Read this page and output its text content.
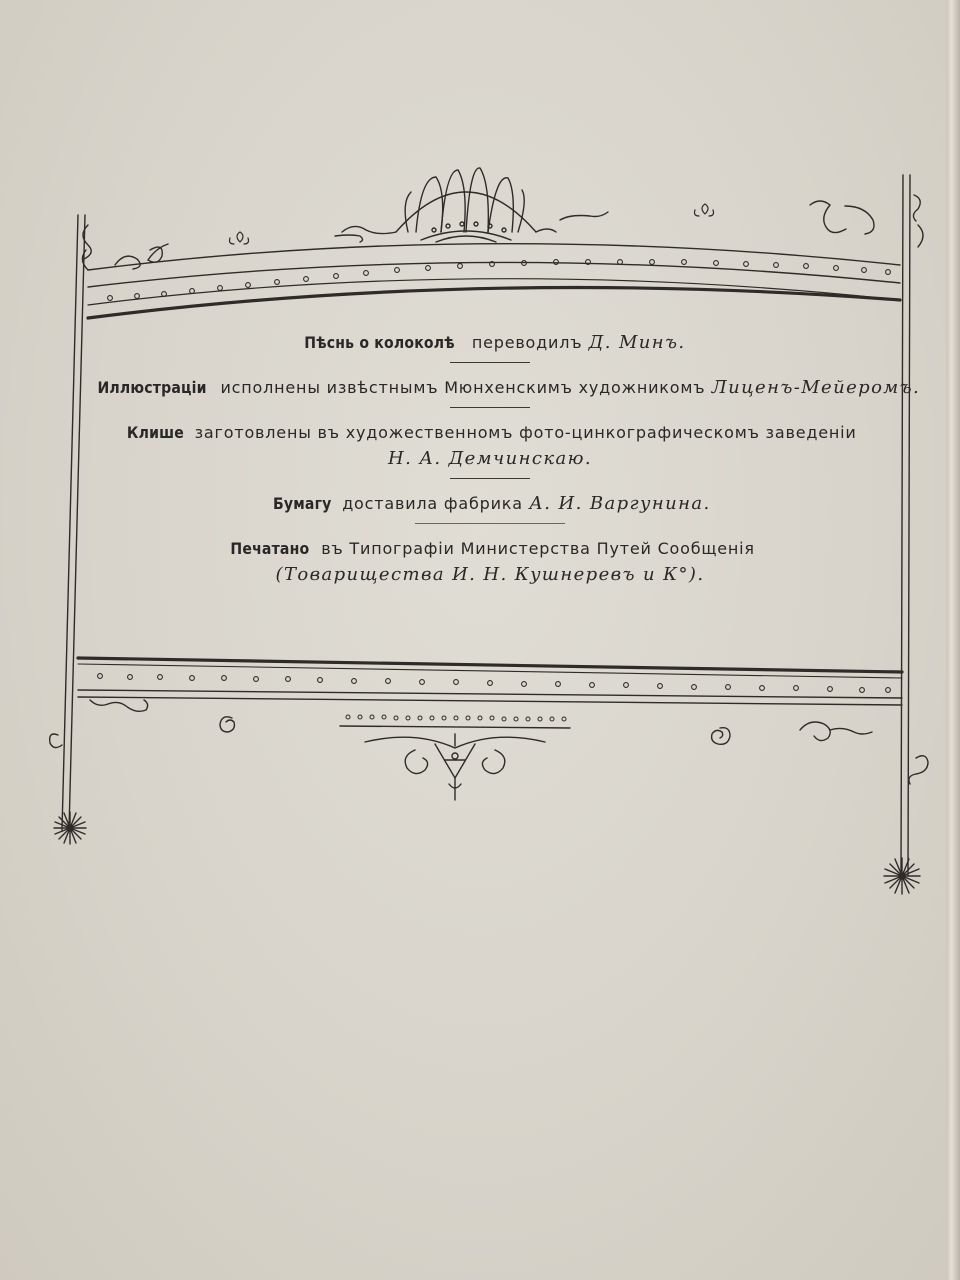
Пѣснь о колоколѣ переводилъ Д. Минъ.

Иллюстраціи исполнены извѣстнымъ Мюнхенскимъ художникомъ Лиценъ-Мейеромъ.

Клише заготовлены въ художественномъ фото-цинкографическомъ заведеніи

Н. А. Демчинскаю.

Бумагу доставила фабрика А. И. Варгунина.

Печатано въ Типографіи Министерства Путей Сообщенія

(Товарищества И. Н. Кушнеревъ и К°).
